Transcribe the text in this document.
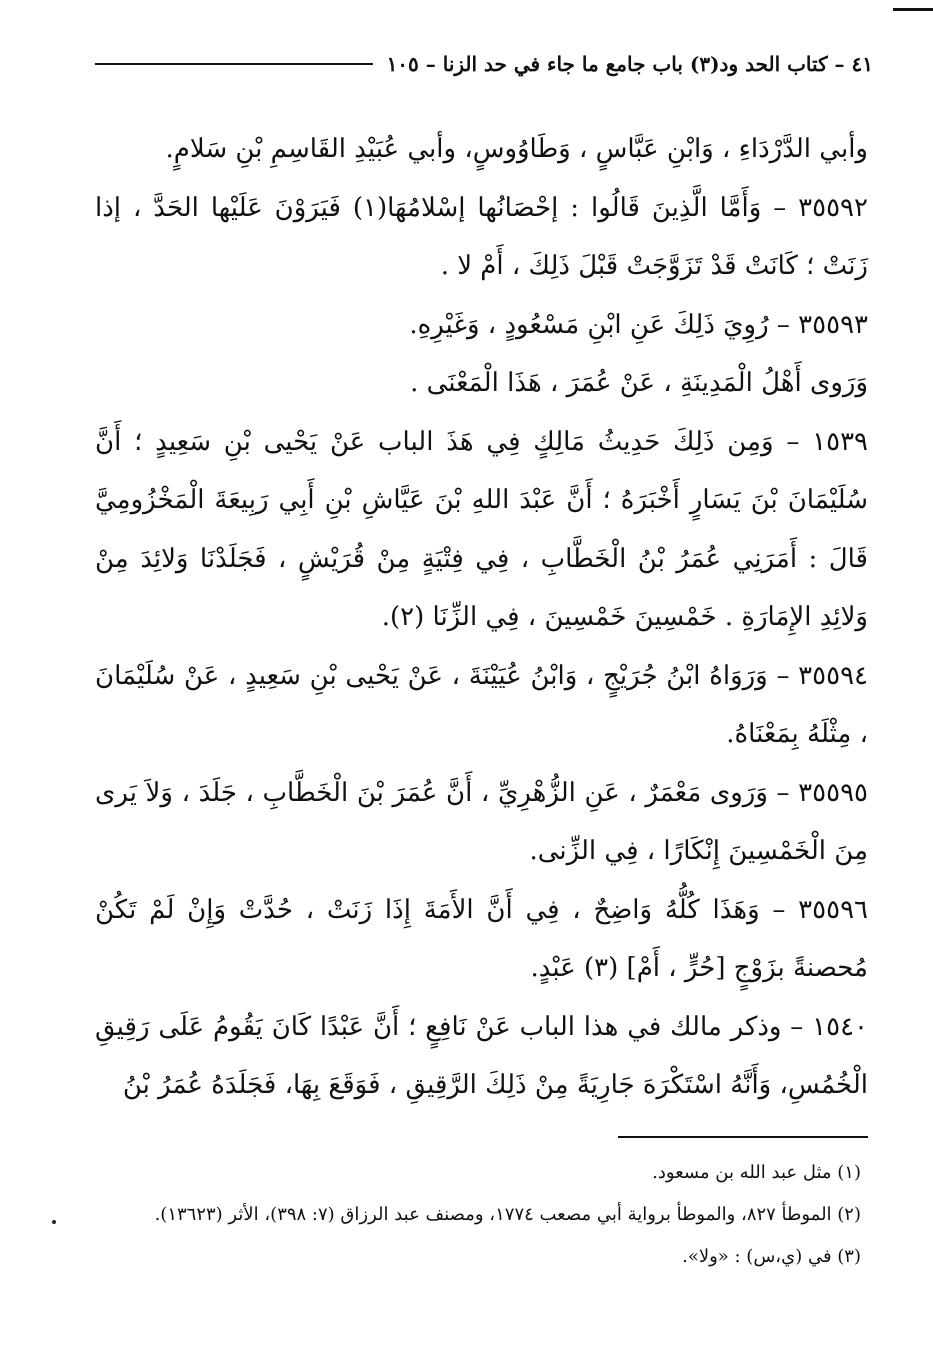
٤١ – كتاب الحد ود(٣) باب جامع ما جاء في حد الزنا – ١٠٥

وأبي الدَّرْدَاءِ ، وَابْنِ عَبَّاسٍ ، وَطَاوُوسٍ، وأبي عُبَيْدِ القَاسِمِ بْنِ سَلامٍ.

٣٥٥٩٢ – وَأَمَّا الَّذِينَ قَالُوا : إحْصَانُها إسْلامُهَا(١) فَيَرَوْنَ عَلَيْها الحَدَّ ، إذا زَنَتْ ؛ كَانَتْ قَدْ تَزَوَّجَتْ قَبْلَ ذَلِكَ ، أَمْ لا .

٣٥٥٩٣ – رُوِيَ ذَلِكَ عَنِ ابْنِ مَسْعُودٍ ، وَغَيْرِهِ.

وَرَوى أَهْلُ الْمَدِينَةِ ، عَنْ عُمَرَ ، هَذَا الْمَعْنَى .

١٥٣٩ – وَمِن ذَلِكَ حَدِيثُ مَالِكٍ فِي هَذَ الباب عَنْ يَحْيى بْنِ سَعِيدٍ ؛ أَنَّ سُلَيْمَانَ بْنَ يَسَارٍ أَخْبَرَهُ ؛ أَنَّ عَبْدَ اللهِ بْنَ عَيَّاشِ بْنِ أَبِي رَبِيعَةَ الْمَخْزُومِيَّ قَالَ : أَمَرَنِي عُمَرُ بْنُ الْخَطَّابِ ، فِي فِتْيَةٍ مِنْ قُرَيْشٍ ، فَجَلَدْنَا وَلائِدَ مِنْ وَلائِدِ الإِمَارَةِ . خَمْسِينَ خَمْسِينَ ، فِي الزِّنَا (٢).

٣٥٥٩٤ – وَرَوَاهُ ابْنُ جُرَيْجٍ ، وَابْنُ عُيَيْنَةَ ، عَنْ يَحْيى بْنِ سَعِيدٍ ، عَنْ سُلَيْمَانَ ، مِثْلَهُ بِمَعْنَاهُ.

٣٥٥٩٥ – وَرَوى مَعْمَرٌ ، عَنِ الزُّهْرِيِّ ، أَنَّ عُمَرَ بْنَ الْخَطَّابِ ، جَلَدَ ، وَلاَ يَرى مِنَ الْخَمْسِينَ إِنْكَارًا ، فِي الزِّنى.

٣٥٥٩٦ – وَهَذَا كُلُّهُ وَاضِحٌ ، فِي أَنَّ الأَمَةَ إِذَا زَنَتْ ، حُدَّتْ وَإِنْ لَمْ تَكُنْ مُحصنةً بزَوْجٍ [حُرٍّ ، أَمْ] (٣) عَبْدٍ.

١٥٤٠ – وذكر مالك في هذا الباب عَنْ نَافِعٍ ؛ أَنَّ عَبْدًا كَانَ يَقُومُ عَلَى رَقِيقِ الْخُمُسِ، وَأَنَّهُ اسْتَكْرَهَ جَارِيَةً مِنْ ذَلِكَ الرَّقِيقِ ، فَوَقَعَ بِهَا، فَجَلَدَهُ عُمَرُ بْنُ

(١) مثل عبد الله بن مسعود.

(٢) الموطأ ٨٢٧، والموطأ برواية أبي مصعب ١٧٧٤، ومصنف عبد الرزاق (٧: ٣٩٨)، الأثر (١٣٦٢٣).

(٣) في (ي،س) : «ولا».
